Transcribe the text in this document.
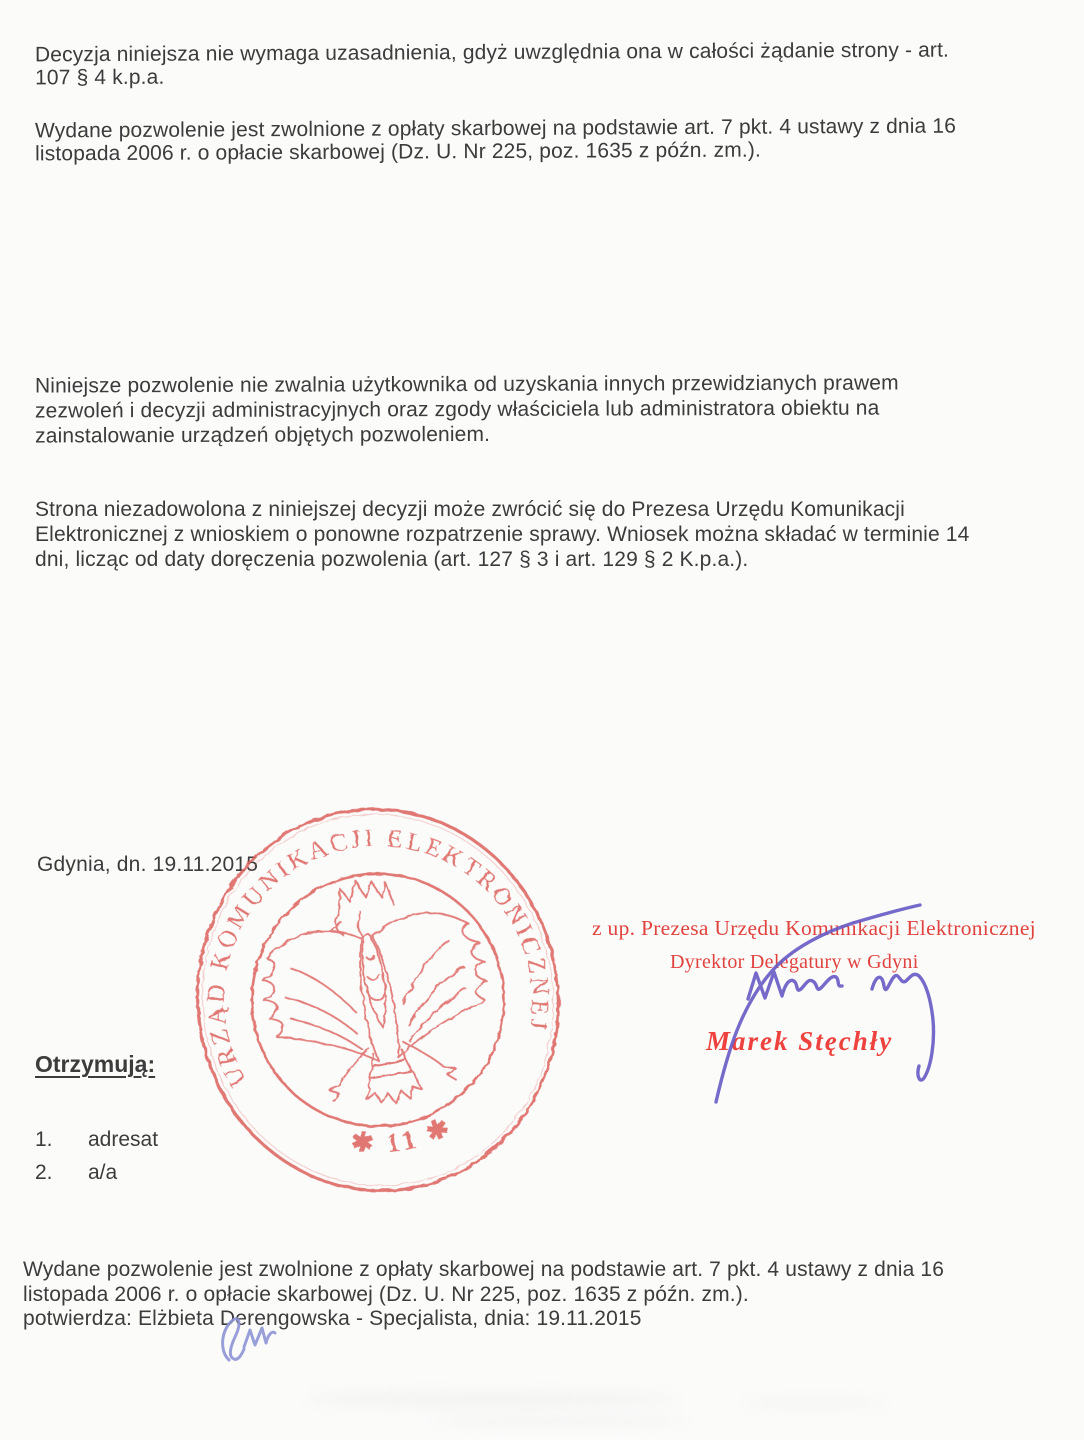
Decyzja niniejsza nie wymaga uzasadnienia, gdyż uwzględnia ona w całości żądanie strony - art.
107 § 4 k.p.a.
Wydane pozwolenie jest zwolnione z opłaty skarbowej na podstawie art. 7 pkt. 4 ustawy z dnia 16
listopada 2006 r. o opłacie skarbowej (Dz. U. Nr 225, poz. 1635 z późn. zm.).
Niniejsze pozwolenie nie zwalnia użytkownika od uzyskania innych przewidzianych prawem
zezwoleń i decyzji administracyjnych oraz zgody właściciela lub administratora obiektu na
zainstalowanie urządzeń objętych pozwoleniem.
Strona niezadowolona z niniejszej decyzji może zwrócić się do Prezesa Urzędu Komunikacji
Elektronicznej z wnioskiem o ponowne rozpatrzenie sprawy. Wniosek można składać w terminie 14
dni, licząc od daty doręczenia pozwolenia (art. 127 § 3 i art. 129 § 2 K.p.a.).
Gdynia, dn. 19.11.2015
URZĄD KOMUNIKACJI ELEKTRONICZNEJ
✱ 11 ✱
z up. Prezesa Urzędu Komunikacji Elektronicznej
Dyrektor Delegatury w Gdyni
Marek Stęchły
Otrzymują:
1. adresat
2. a/a
Wydane pozwolenie jest zwolnione z opłaty skarbowej na podstawie art. 7 pkt. 4 ustawy z dnia 16
listopada 2006 r. o opłacie skarbowej (Dz. U. Nr 225, poz. 1635 z późn. zm.).
potwierdza: Elżbieta Derengowska - Specjalista, dnia: 19.11.2015
